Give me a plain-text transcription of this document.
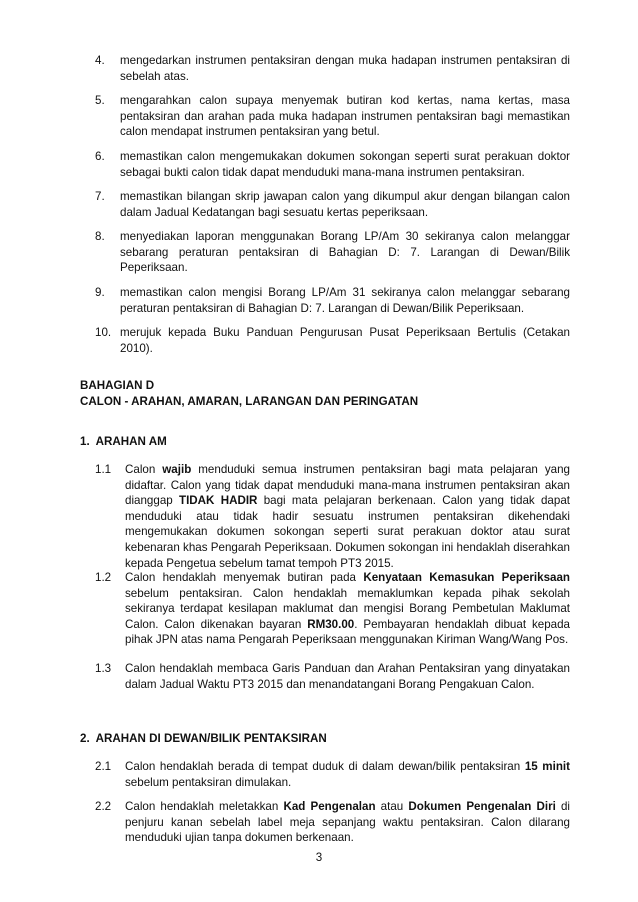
4. mengedarkan instrumen pentaksiran dengan muka hadapan instrumen pentaksiran di sebelah atas.

5. mengarahkan calon supaya menyemak butiran kod kertas, nama kertas, masa pentaksiran dan arahan pada muka hadapan instrumen pentaksiran bagi memastikan calon mendapat instrumen pentaksiran yang betul.

6. memastikan calon mengemukakan dokumen sokongan seperti surat perakuan doktor sebagai bukti calon tidak dapat menduduki mana-mana instrumen pentaksiran.

7. memastikan bilangan skrip jawapan calon yang dikumpul akur dengan bilangan calon dalam Jadual Kedatangan bagi sesuatu kertas peperiksaan.

8. menyediakan laporan menggunakan Borang LP/Am 30 sekiranya calon melanggar sebarang peraturan pentaksiran di Bahagian D: 7. Larangan di Dewan/Bilik Peperiksaan.

9. memastikan calon mengisi Borang LP/Am 31 sekiranya calon melanggar sebarang peraturan pentaksiran di Bahagian D: 7. Larangan di Dewan/Bilik Peperiksaan.

10. merujuk kepada Buku Panduan Pengurusan Pusat Peperiksaan Bertulis (Cetakan 2010).

BAHAGIAN D

CALON - ARAHAN, AMARAN, LARANGAN DAN PERINGATAN

1.  ARAHAN AM

1.1 Calon wajib menduduki semua instrumen pentaksiran bagi mata pelajaran yang didaftar. Calon yang tidak dapat menduduki mana-mana instrumen pentaksiran akan dianggap TIDAK HADIR bagi mata pelajaran berkenaan. Calon yang tidak dapat menduduki atau tidak hadir sesuatu instrumen pentaksiran dikehendaki mengemukakan dokumen sokongan seperti surat perakuan doktor atau surat kebenaran khas Pengarah Peperiksaan. Dokumen sokongan ini hendaklah diserahkan kepada Pengetua sebelum tamat tempoh PT3 2015.

1.2 Calon hendaklah menyemak butiran pada Kenyataan Kemasukan Peperiksaan sebelum pentaksiran. Calon hendaklah memaklumkan kepada pihak sekolah sekiranya terdapat kesilapan maklumat dan mengisi Borang Pembetulan Maklumat Calon. Calon dikenakan bayaran RM30.00. Pembayaran hendaklah dibuat kepada pihak JPN atas nama Pengarah Peperiksaan menggunakan Kiriman Wang/Wang Pos.

1.3 Calon hendaklah membaca Garis Panduan dan Arahan Pentaksiran yang dinyatakan dalam Jadual Waktu PT3 2015 dan menandatangani Borang Pengakuan Calon.

2.  ARAHAN DI DEWAN/BILIK PENTAKSIRAN

2.1 Calon hendaklah berada di tempat duduk di dalam dewan/bilik pentaksiran 15 minit sebelum pentaksiran dimulakan.

2.2 Calon hendaklah meletakkan Kad Pengenalan atau Dokumen Pengenalan Diri di penjuru kanan sebelah label meja sepanjang waktu pentaksiran. Calon dilarang menduduki ujian tanpa dokumen berkenaan.

3
